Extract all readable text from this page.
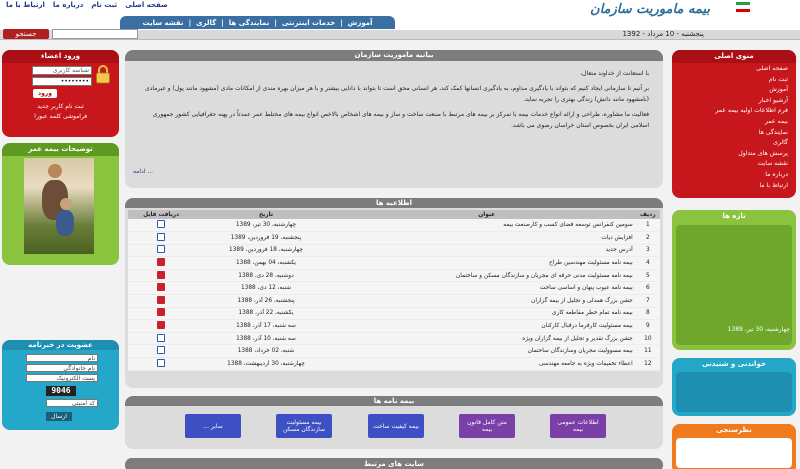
صفحه اصلی
ثبت نام
درباره ما
ارتباط با ما	بیمه ماموریت سازمان
آموزش
|
خدمات اینترنتی
|
نمایندگی ها
|
گالری
|
نقشه سایت
پنجشنبه - 10 مرداد - 1392
جستجو
ورود اعضاء
شناسه کاربری
••••••••
ورود
ثبت نام کاربر جدید
فراموشی کلمه عبور!
توضیحات بیمه عمر
عضویت در خبرنامه
نام
نام خانوادگی
پست الکترونیک
9046
کد امنیتی
ارسال
بیانیه ماموریت سازمان

با استعانت از خداوند متعال،

بر آنیم تا سازمانی ایجاد کنیم که بتواند با یادگیری مداوم، به یادگیری انسانها کمک کند، هر انسانی محق است تا بتواند با دانایی بیشتر و با هر میزان بهره مندی از امکانات مادی (مشهود مانند پول) و غیرمادی (نامشهود مانند دانش) زندگی بهتری را تجربه نماید.

فعالیت ما مشاوره، طراحی و ارائه انواع خدمات بیمه با تمرکز بر بیمه های مرتبط با صنعت ساخت و ساز و بیمه های اشخاص بالاخص انواع بیمه های مختلط عمر عمدتاً در پهنه جغرافیایی کشور جمهوری اسلامی ایران بخصوص استان خراسان رضوی می باشد.

ادامه ...
اطلاعیه ها
ردیف	عنوان	تاریخ	دریافت فایل
1	سومین کنفرانس توسعه فضای کسب و کارصنعت بیمه	چهارشنبه، 30 تیر، 1389	
2	افزایش دیات	پنجشنبه، 19 فروردین، 1389	
3	آدرس جدید	چهارشنبه، 18 فروردین، 1389	
4	بیمه نامه مسئولیت مهندسین طراح	یکشنبه، 04 بهمن، 1388	
5	بیمه نامه مسئولیت مدنی حرفه ای مجریان و سازندگان مسکن و ساختمان	دوشنبه، 28 دی، 1388	
6	بیمه نامه عیوب پنهان و اساسی ساخت	شنبه، 12 دی، 1388	
7	جشن بزرگ همدلی و تجلیل از بیمه گزاران	پنجشنبه، 26 آذر، 1388	
8	بیمه نامه تمام خطر مقاطعه کاری	یکشنبه، 22 آذر، 1388	
9	بیمه مسئولیت کارفرما درقبال کارکنان	سه شنبه، 17 آذر، 1388	
10	جشن بزرگ تقدیر و تجلیل از بیمه گزاران ویژه	سه شنبه، 10 آذر، 1388	
11	بیمه مسوولیت مجریان وسازندگان ساختمان	شنبه، 02 خرداد، 1388	
12	اعطاء تخفیفات ویژه به جامعه مهندسی	چهارشنبه، 30 اردیبهشت، 1388	
بیمه نامه ها
اطلاعات عمومی بیمه
متن کامل قانون بیمه
بیمه کیفیت ساخت
بیمه مسئولیت سازندگان مسکن
سایر ...
سایت های مرتبط
منوی اصلی
صفحه اصلی
ثبت نام
آموزش
آرشیو اخبار
فرم اطلاعات اولیه بیمه عمر
بیمه عمر
نمایندگی ها
گالری
پرسش های متداول
نقشه سایت
درباره ما
ارتباط با ما
تازه ها
چهارشنبه، 30 تیر، 1389
خواندنی و شنیدنی
نظرسنجی
